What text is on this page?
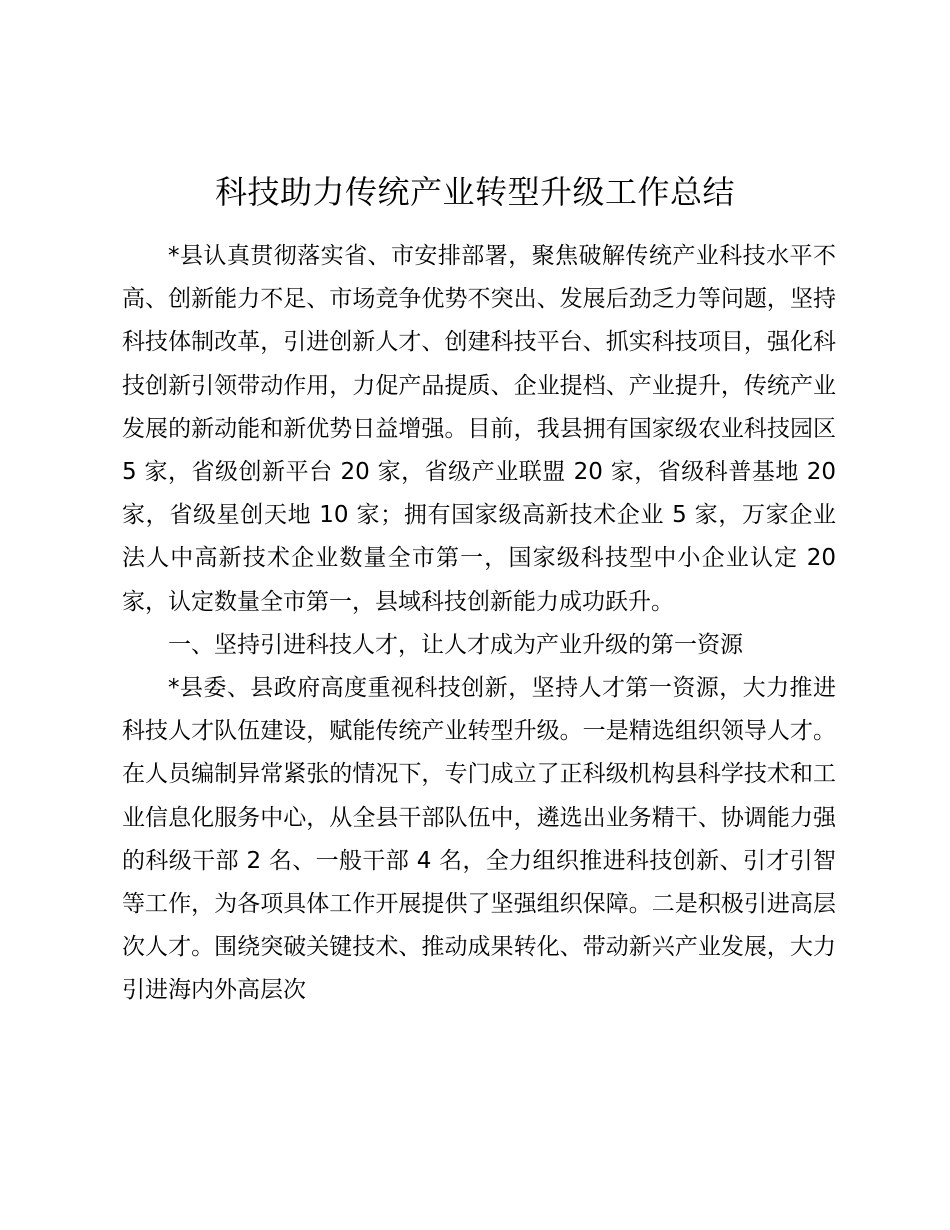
科技助力传统产业转型升级工作总结

*县认真贯彻落实省、市安排部署，聚焦破解传统产业科技水平不高、创新能力不足、市场竞争优势不突出、发展后劲乏力等问题，坚持科技体制改革，引进创新人才、创建科技平台、抓实科技项目，强化科技创新引领带动作用，力促产品提质、企业提档、产业提升，传统产业发展的新动能和新优势日益增强。目前，我县拥有国家级农业科技园区 5 家，省级创新平台 20 家，省级产业联盟 20 家，省级科普基地 20 家，省级星创天地 10 家；拥有国家级高新技术企业 5 家，万家企业法人中高新技术企业数量全市第一，国家级科技型中小企业认定 20 家，认定数量全市第一，县域科技创新能力成功跃升。

一、坚持引进科技人才，让人才成为产业升级的第一资源

*县委、县政府高度重视科技创新，坚持人才第一资源，大力推进科技人才队伍建设，赋能传统产业转型升级。一是精选组织领导人才。在人员编制异常紧张的情况下，专门成立了正科级机构县科学技术和工业信息化服务中心，从全县干部队伍中，遴选出业务精干、协调能力强的科级干部 2 名、一般干部 4 名，全力组织推进科技创新、引才引智等工作，为各项具体工作开展提供了坚强组织保障。二是积极引进高层次人才。围绕突破关键技术、推动成果转化、带动新兴产业发展，大力引进海内外高层次
